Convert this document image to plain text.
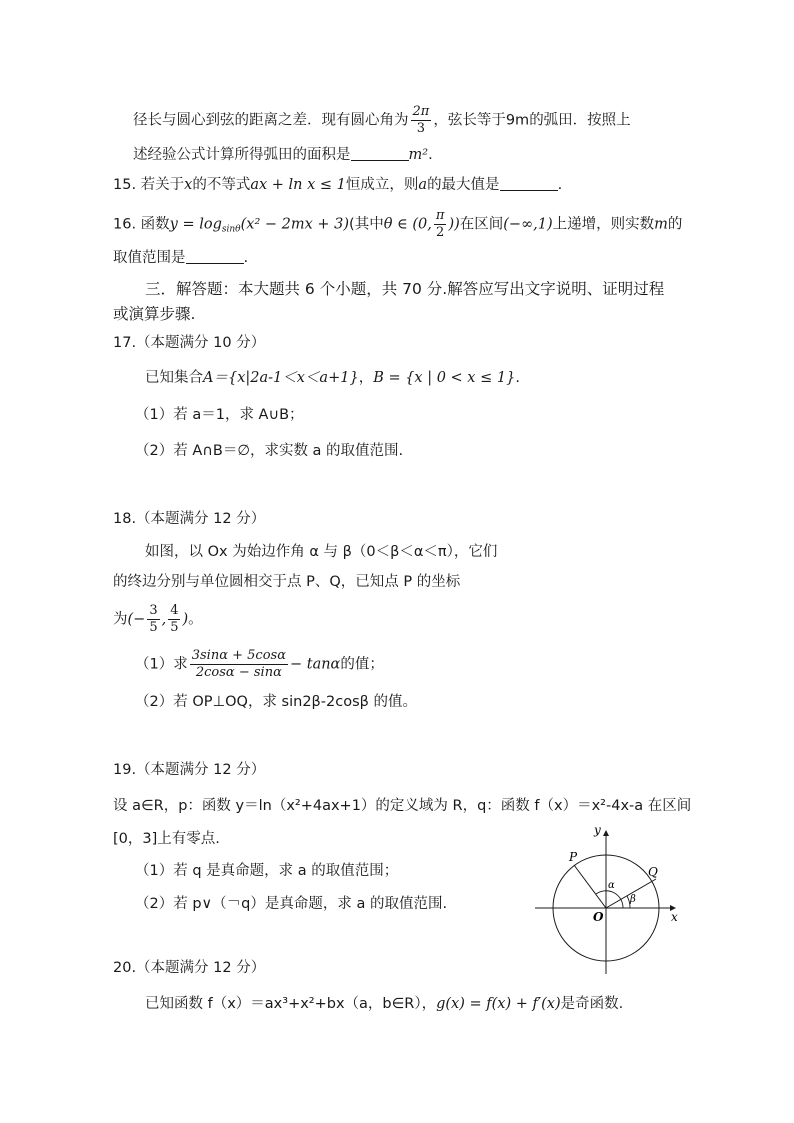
径长与圆心到弦的距离之差．现有圆心角为 $\frac{2\pi}{3}$ ，弦长等于9m的弧田．按照上
述经验公式计算所得弧田的面积是	m².
15. 若关于x的不等式ax + ln x ≤ 1恒成立，则a的最大值是	.
16. 函数$y = \log_{sin\theta}(x^2 - 2mx + 3)$(其中θ ∈ (0, $\frac{\pi}{2}$ ))在区间(−∞,1)上递增，则实数m的
取值范围是	.
三．解答题：本大题共 6 个小题，共 70 分.解答应写出文字说明、证明过程
或演算步骤.
17.（本题满分 10 分）
已知集合A＝{x|2a-1＜x＜a+1}，B = {x | 0 < x ≤ 1}.
（1）若 a＝1，求 A∪B；
（2）若 A∩B＝∅，求实数 a 的取值范围.
18.（本题满分 12 分）
如图，以 Ox 为始边作角 α 与 β（0＜β＜α＜π），它们
的终边分别与单位圆相交于点 P、Q，已知点 P 的坐标
为(− $\frac{3}{5}$ , $\frac{4}{5}$ )。
（1）求 $\frac{3\sin\alpha + 5\cos\alpha}{2\cos\alpha - \sin\alpha} - \tan\alpha$的值；
（2）若 OP⊥OQ，求 sin2β-2cosβ 的值。
19.（本题满分 12 分）
设 a∈R，p：函数 y＝ln（x²+4ax+1）的定义域为 R，q：函数 f（x）＝x²-4x-a 在区间
[0，3]上有零点.
（1）若 q 是真命题，求 a 的取值范围；
（2）若 p∨（￢q）是真命题，求 a 的取值范围.
y
x
O
P
Q
α
β
20.（本题满分 12 分）
已知函数 f（x）＝ax³+x²+bx（a，b∈R），g(x) = f(x) + f′(x)是奇函数.
